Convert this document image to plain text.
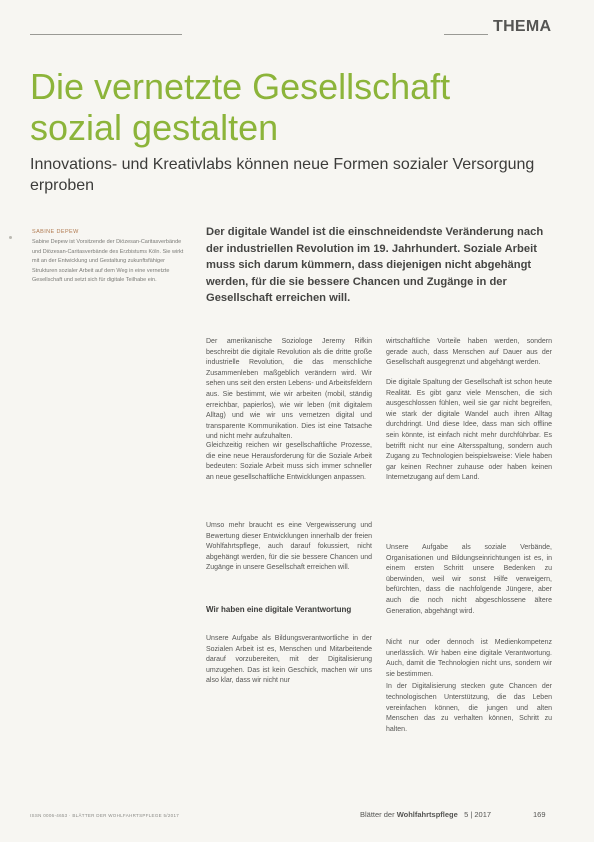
THEMA
Die vernetzte Gesellschaft
sozial gestalten

Innovations- und Kreativlabs können neue Formen sozialer Versorgung erproben

SABINE DEPEW
Sabine Depew ist Vorsitzende der Diözesan-Caritasverbände und Diözesan-Caritasverbände des Erzbistums Köln. Sie wirkt mit an der Entwicklung und Gestaltung zukunftsfähiger Strukturen sozialer Arbeit auf dem Weg in eine vernetzte Gesellschaft und setzt sich für digitale Teilhabe ein.
Der digitale Wandel ist die einschneidendste Veränderung nach der industriellen Revolution im 19. Jahrhundert. Soziale Arbeit muss sich darum kümmern, dass diejenigen nicht abgehängt werden, für die sie bessere Chancen und Zugänge in der Gesellschaft erreichen will.

Der amerikanische Soziologe Jeremy Rifkin beschreibt die digitale Revolution als die dritte große industrielle Revolution, die das menschliche Zusammenleben maßgeblich verändern wird. Wir sehen uns seit den ersten Lebens- und Arbeitsfeldern aus. Sie bestimmt, wie wir arbeiten (mobil, ständig erreichbar, papierlos), wie wir leben (mit digitalem Alltag) und wie wir uns vernetzen digital und transparente Kommunikation. Dies ist eine Tatsache und nicht mehr aufzuhalten.

Gleichzeitig reichen wir gesellschaftliche Prozesse, die eine neue Herausforderung für die Soziale Arbeit bedeuten: Soziale Arbeit muss sich immer schneller an neue gesellschaftliche Entwicklungen anpassen.

Umso mehr braucht es eine Vergewisserung und Bewertung dieser Entwicklungen innerhalb der freien Wohlfahrtspflege, auch darauf fokussiert, nicht abgehängt werden, für die sie bessere Chancen und Zugänge in unsere Gesellschaft erreichen will.

Wir haben eine digitale Verantwortung

Unsere Aufgabe als Bildungsverantwortliche in der Sozialen Arbeit ist es, Menschen und Mitarbeitende darauf vorzubereiten, mit der Digitalisierung umzugehen. Das ist kein Geschick, machen wir uns also klar, dass wir nicht nur

wirtschaftliche Vorteile haben werden, sondern gerade auch, dass Menschen auf Dauer aus der Gesellschaft ausgegrenzt und abgehängt werden.

Die digitale Spaltung der Gesellschaft ist schon heute Realität. Es gibt ganz viele Menschen, die sich ausgeschlossen fühlen, weil sie gar nicht begreifen, wie stark der digitale Wandel auch ihren Alltag durchdringt. Und diese Idee, dass man sich offline sein könnte, ist einfach nicht mehr durchführbar. Es betrifft nicht nur eine Altersspaltung, sondern auch Zugang zu Technologien beispielsweise: Viele haben gar keinen Rechner zuhause oder haben keinen Internetzugang auf dem Land.

Unsere Aufgabe als soziale Verbände, Organisationen und Bildungseinrichtungen ist es, in einem ersten Schritt unsere Bedenken zu überwinden, weil wir sonst Hilfe verweigern, befürchten, dass die nachfolgende Jüngere, aber auch die noch nicht abgeschlossene ältere Generation, abgehängt wird.

Nicht nur oder dennoch ist Medienkompetenz unerlässlich. Wir haben eine digitale Verantwortung. Auch, damit die Technologien nicht uns, sondern wir sie bestimmen.

In der Digitalisierung stecken gute Chancen der technologischen Unterstützung, die das Leben vereinfachen können, die jungen und alten Menschen das zu verhalten können, Schritt zu halten.

ISSN 0006-4653 · BLÄTTER DER WOHLFAHRTSPFLEGE 5/2017	Blätter der Wohlfahrtspflege 5 | 2017	169
